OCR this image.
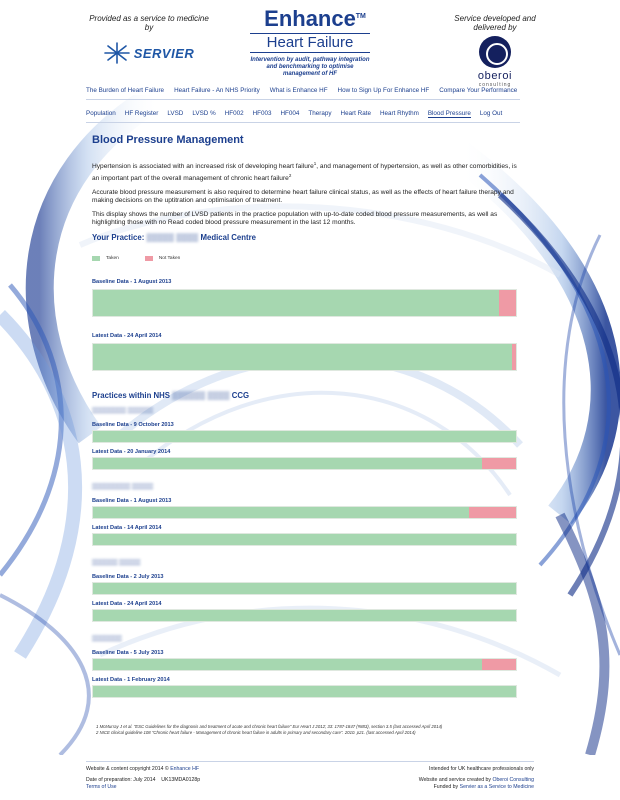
Provided as a service to medicine by
SERVIER
Enhance TM
Heart Failure
Intervention by audit, pathway integration and benchmarking to optimise management of HF
Service developed and delivered by
oberoi
consulting
The Burden of Heart Failure Heart Failure - An NHS Priority What is Enhance HF How to Sign Up For Enhance HF Compare Your Performance
Population HF Register LVSD LVSD % HF002 HF003 HF004 Therapy Heart Rate Heart Rhythm Blood Pressure Log Out
Blood Pressure Management

Hypertension is associated with an increased risk of developing heart failure$^1$, and management of hypertension, as well as other comorbidities, is an important part of the overall management of chronic heart failure$^2$

Accurate blood pressure measurement is also required to determine heart failure clinical status, as well as the effects of heart failure therapy and making decisions on the uptitration and optimisation of treatment.

This display shows the number of LVSD patients in the practice population with up-to-date coded blood pressure measurements, as well as highlighting those with no Read coded blood pressure measurement in the last 12 months.

Your Practice: ▒▒▒▒▒ ▒▒▒▒ Medical Centre
Taken	Not Taken
Baseline Data - 1 August 2013
Latest Data - 24 April 2014
Practices within NHS ▒▒▒▒▒▒ ▒▒▒▒ CCG
▒▒▒▒▒▒▒▒ ▒▒▒▒▒▒
Baseline Data - 9 October 2013
Latest Data - 20 January 2014
▒▒▒▒▒▒▒▒▒ ▒▒▒▒▒
Baseline Data - 1 August 2013
Latest Data - 14 April 2014
▒▒▒▒▒▒ ▒▒▒▒▒
Baseline Data - 2 July 2013
Latest Data - 24 April 2014
▒▒▒▒▒▒▒
Baseline Data - 5 July 2013
Latest Data - 1 February 2014

1 McMurray J et al. "ESC Guidelines for the diagnosis and treatment of acute and chronic heart failure" Eur Heart J 2012; 33: 1787-1847 (#883), section 3.5 (last accessed April 2014)

2 NICE clinical guideline 108 "Chronic heart failure - Management of chronic heart failure in adults in primary and secondary care". 2010. p21. (last accessed April 2014)

Website & content copyright 2014 © Enhance HF	Intended for UK healthcare professionals only
Date of preparation: July 2014    UK13MDA0128p	Website and service created by Oberoi Consulting
Terms of Use	Funded by Servier as a Service to Medicine
